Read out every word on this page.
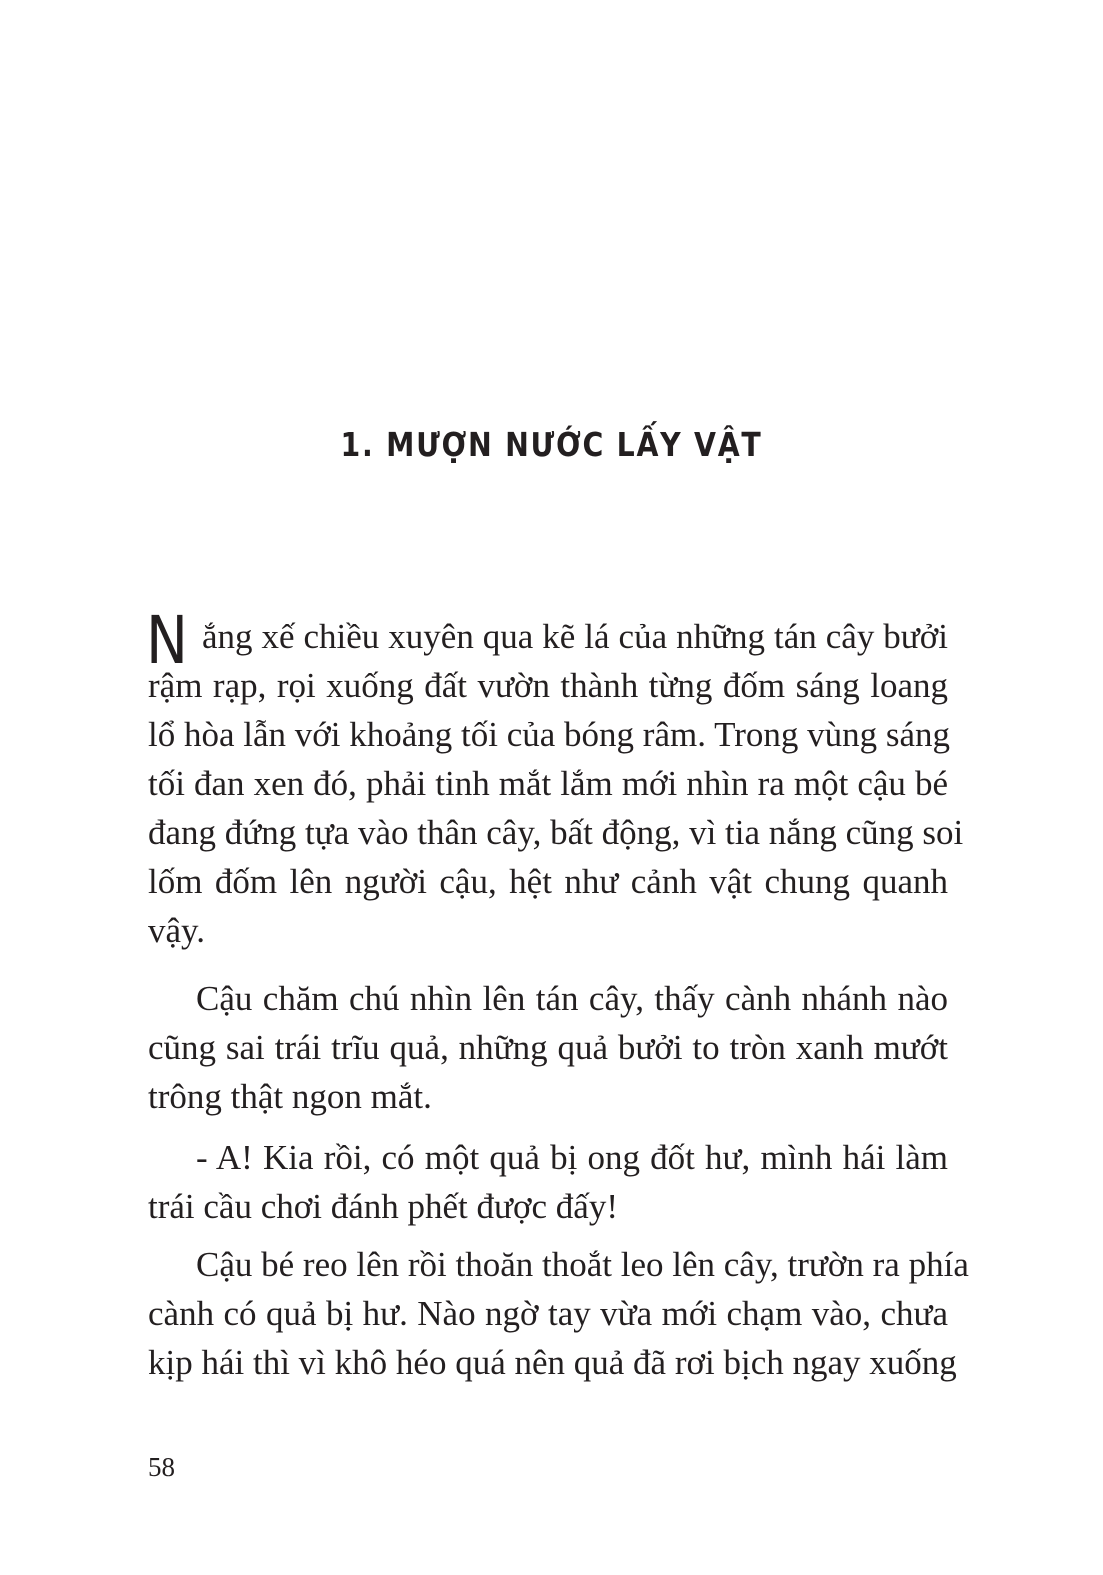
1. MƯỢN NƯỚC LẤY VẬT
N ắng xế chiều xuyên qua kẽ lá của những tán cây bưởi
rậm rạp, rọi xuống đất vườn thành từng đốm sáng loang
lổ hòa lẫn với khoảng tối của bóng râm. Trong vùng sáng
tối đan xen đó, phải tinh mắt lắm mới nhìn ra một cậu bé
đang đứng tựa vào thân cây, bất động, vì tia nắng cũng soi
lốm đốm lên người cậu, hệt như cảnh vật chung quanh
vậy.

Cậu chăm chú nhìn lên tán cây, thấy cành nhánh nào
cũng sai trái trĩu quả, những quả bưởi to tròn xanh mướt
trông thật ngon mắt.

- A! Kia rồi, có một quả bị ong đốt hư, mình hái làm
trái cầu chơi đánh phết được đấy!

Cậu bé reo lên rồi thoăn thoắt leo lên cây, trườn ra phía
cành có quả bị hư. Nào ngờ tay vừa mới chạm vào, chưa
kịp hái thì vì khô héo quá nên quả đã rơi bịch ngay xuống

58
